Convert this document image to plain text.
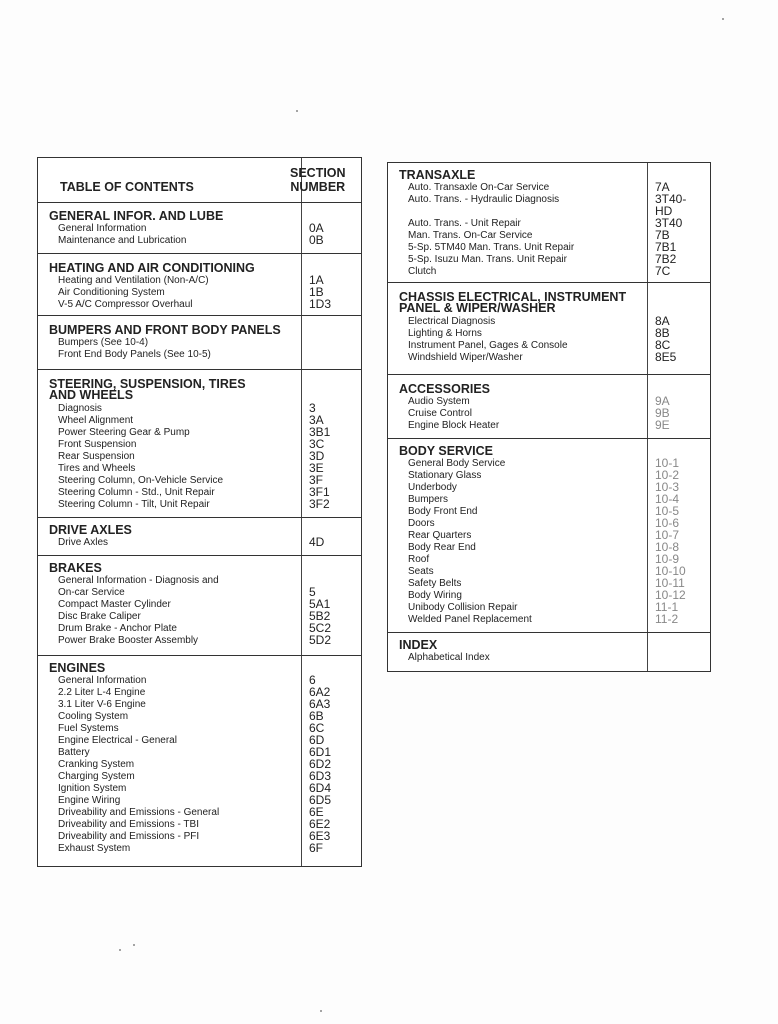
TABLE OF CONTENTS
SECTION
NUMBER
GENERAL INFOR. AND LUBE
General Information
Maintenance and Lubrication
0A
0B
HEATING AND AIR CONDITIONING
Heating and Ventilation (Non-A/C)
Air Conditioning System
V-5 A/C Compressor Overhaul
1A
1B
1D3
BUMPERS AND FRONT BODY PANELS
Bumpers (See 10-4)
Front End Body Panels (See 10-5)
STEERING, SUSPENSION, TIRES
AND WHEELS
Diagnosis
Wheel Alignment
Power Steering Gear & Pump
Front Suspension
Rear Suspension
Tires and Wheels
Steering Column, On-Vehicle Service
Steering Column - Std., Unit Repair
Steering Column - Tilt, Unit Repair
3
3A
3B1
3C
3D
3E
3F
3F1
3F2
DRIVE AXLES
Drive Axles	4D
BRAKES
General Information - Diagnosis and
On-car Service
Compact Master Cylinder
Disc Brake Caliper
Drum Brake - Anchor Plate
Power Brake Booster Assembly
5
5A1
5B2
5C2
5D2
ENGINES
General Information
2.2 Liter L-4 Engine
3.1 Liter V-6 Engine
Cooling System
Fuel Systems
Engine Electrical - General
Battery
Cranking System
Charging System
Ignition System
Engine Wiring
Driveability and Emissions - General
Driveability and Emissions - TBI
Driveability and Emissions - PFI
Exhaust System
6
6A2
6A3
6B
6C
6D
6D1
6D2
6D3
6D4
6D5
6E
6E2
6E3
6F
TRANSAXLE
Auto. Transaxle On-Car Service
Auto. Trans. - Hydraulic Diagnosis
Auto. Trans. - Unit Repair
Man. Trans. On-Car Service
5-Sp. 5TM40 Man. Trans. Unit Repair
5-Sp. Isuzu Man. Trans. Unit Repair
Clutch
7A
3T40-
HD
3T40
7B
7B1
7B2
7C
CHASSIS ELECTRICAL, INSTRUMENT
PANEL & WIPER/WASHER
Electrical Diagnosis
Lighting & Horns
Instrument Panel, Gages & Console
Windshield Wiper/Washer
8A
8B
8C
8E5
ACCESSORIES
Audio System
Cruise Control
Engine Block Heater
9A
9B
9E
BODY SERVICE
General Body Service
Stationary Glass
Underbody
Bumpers
Body Front End
Doors
Rear Quarters
Body Rear End
Roof
Seats
Safety Belts
Body Wiring
Unibody Collision Repair
Welded Panel Replacement
10-1
10-2
10-3
10-4
10-5
10-6
10-7
10-8
10-9
10-10
10-11
10-12
11-1
11-2
INDEX
Alphabetical Index
